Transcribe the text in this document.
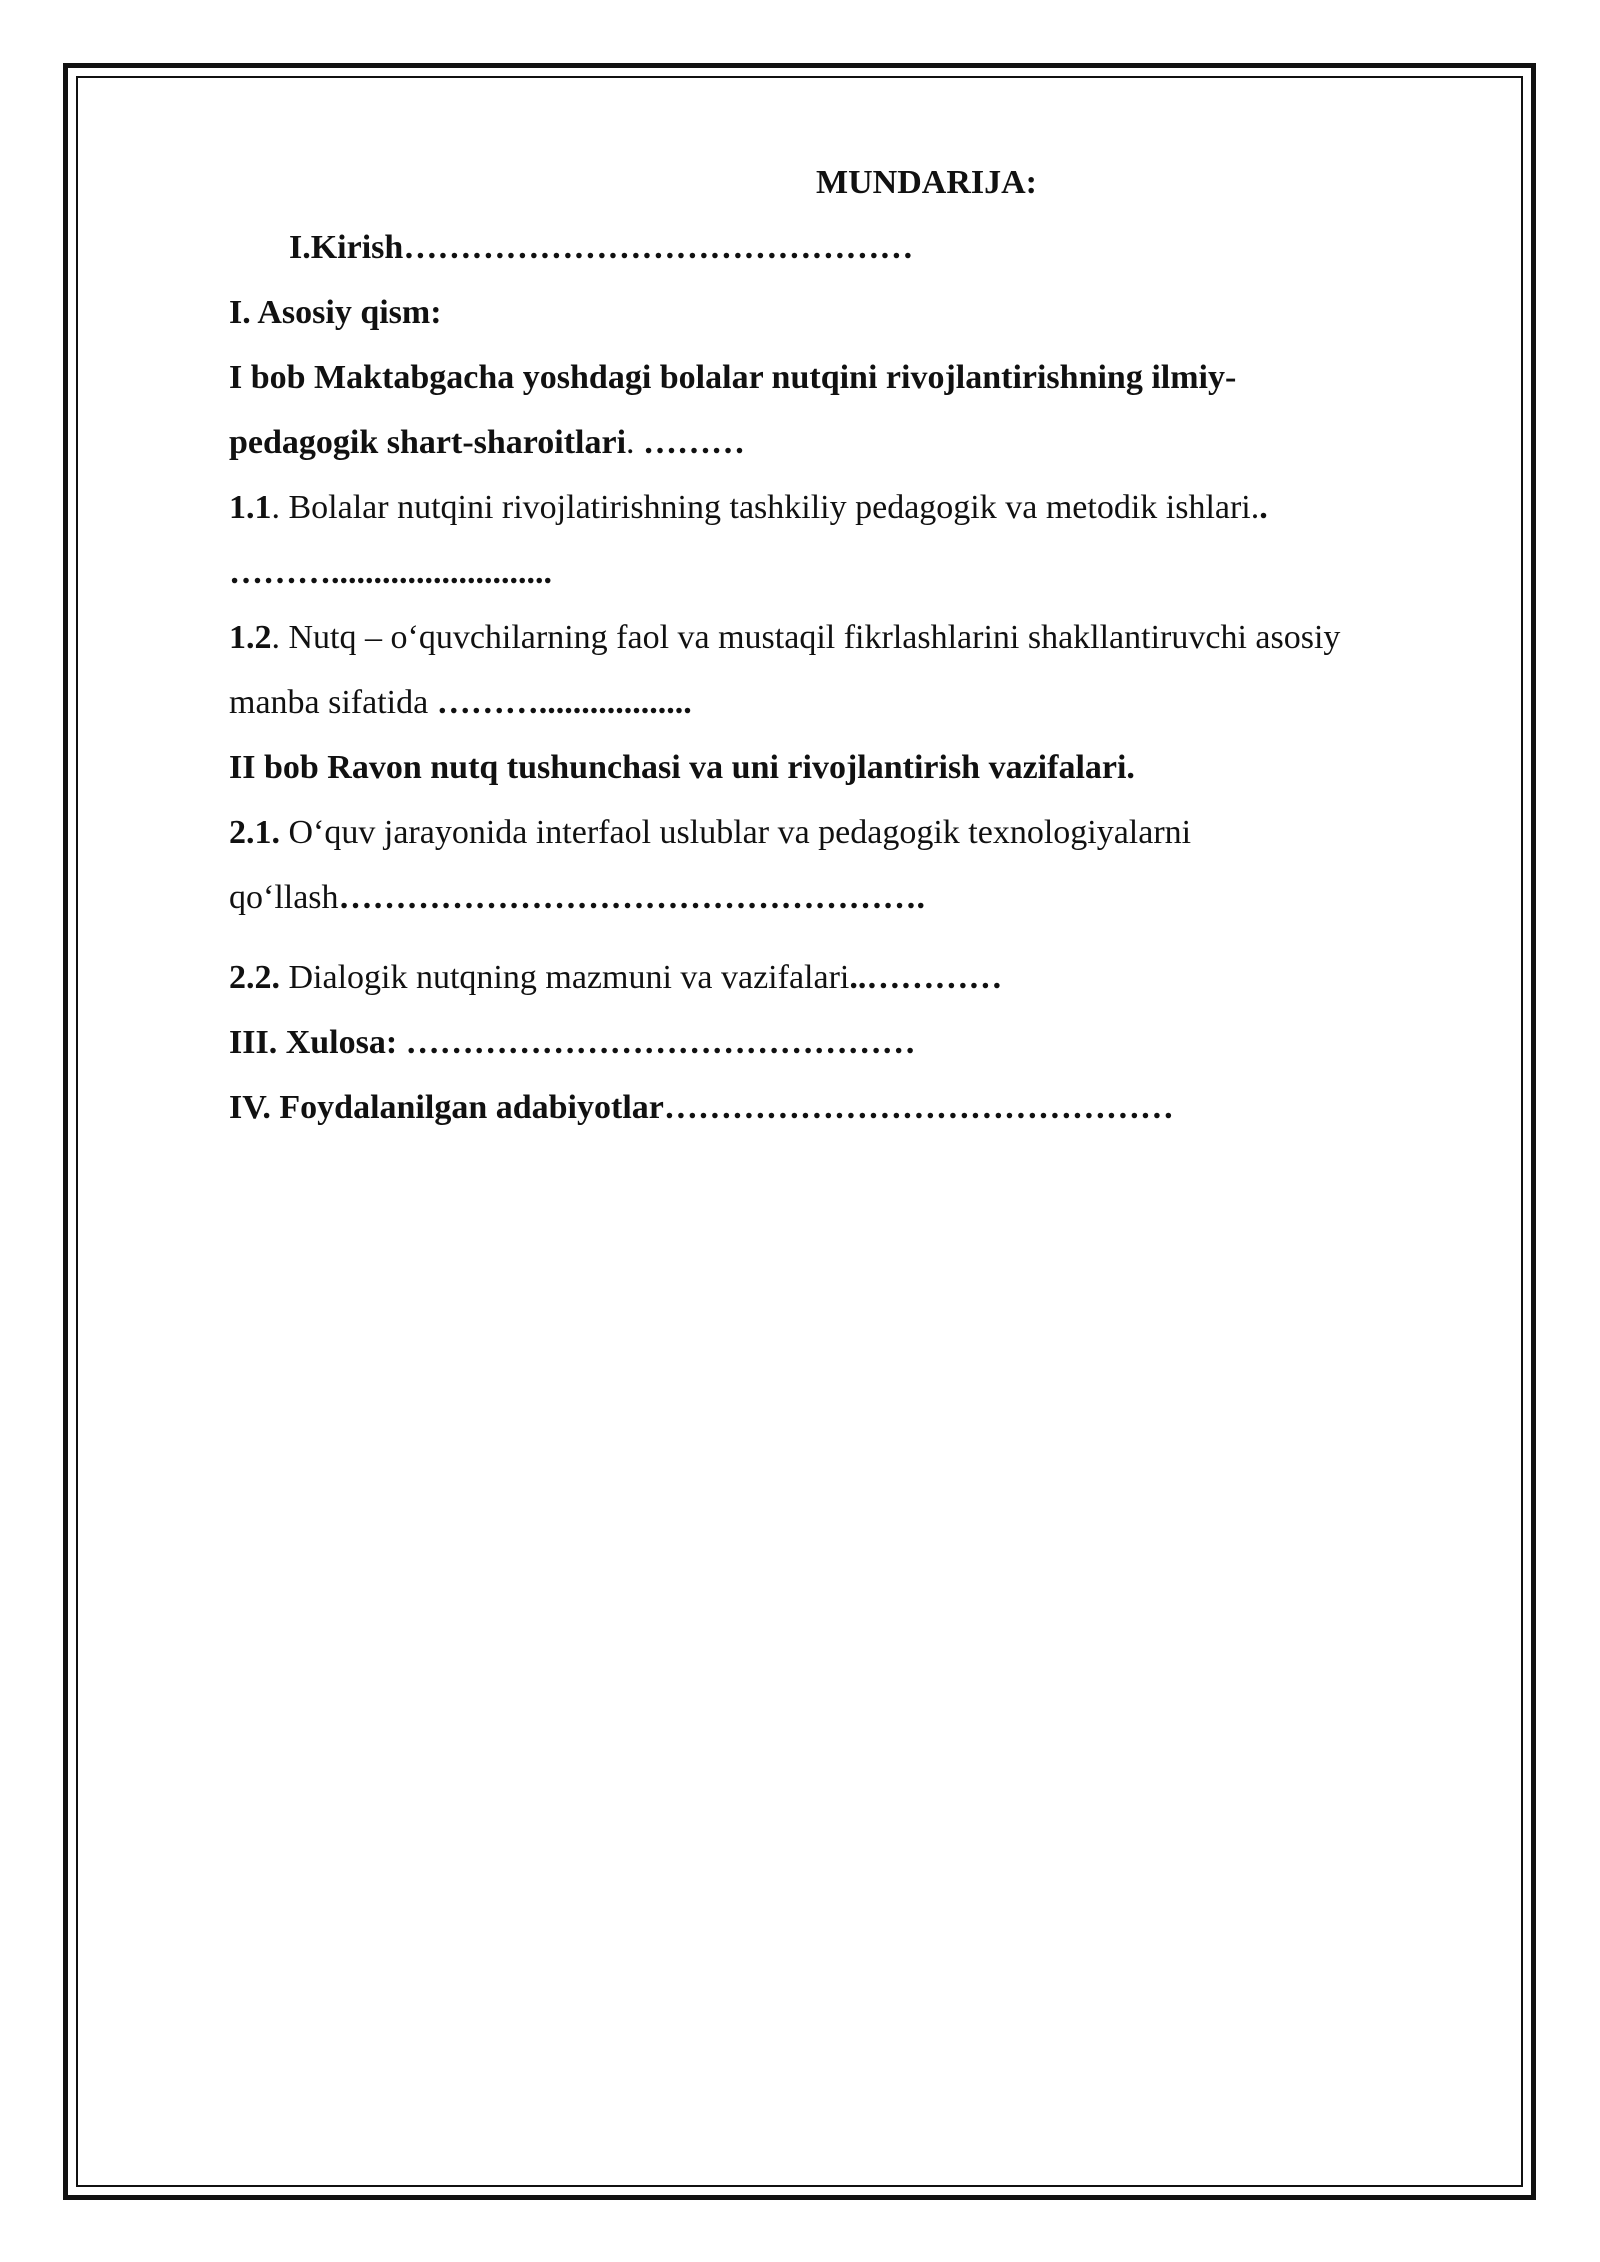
MUNDARIJA:
I.Kirish………………………………………
I. Asosiy qism:
I bob Maktabgacha yoshdagi bolalar nutqini rivojlantirishning ilmiy-
pedagogik shart-sharoitlari. ………
1.1. Bolalar nutqini rivojlatirishning tashkiliy pedagogik va metodik ishlari..
………..........................
1.2. Nutq – o‘quvchilarning faol va mustaqil fikrlashlarini shakllantiruvchi asosiy
manba sifatida ………..................
II bob Ravon nutq tushunchasi va uni rivojlantirish vazifalari.
2.1. O‘quv jarayonida interfaol uslublar va pedagogik texnologiyalarni
qo‘llash…………………………………………….
2.2. Dialogik nutqning mazmuni va vazifalari..…………
III. Xulosa: ………………………………………
IV. Foydalanilgan adabiyotlar………………………………………
